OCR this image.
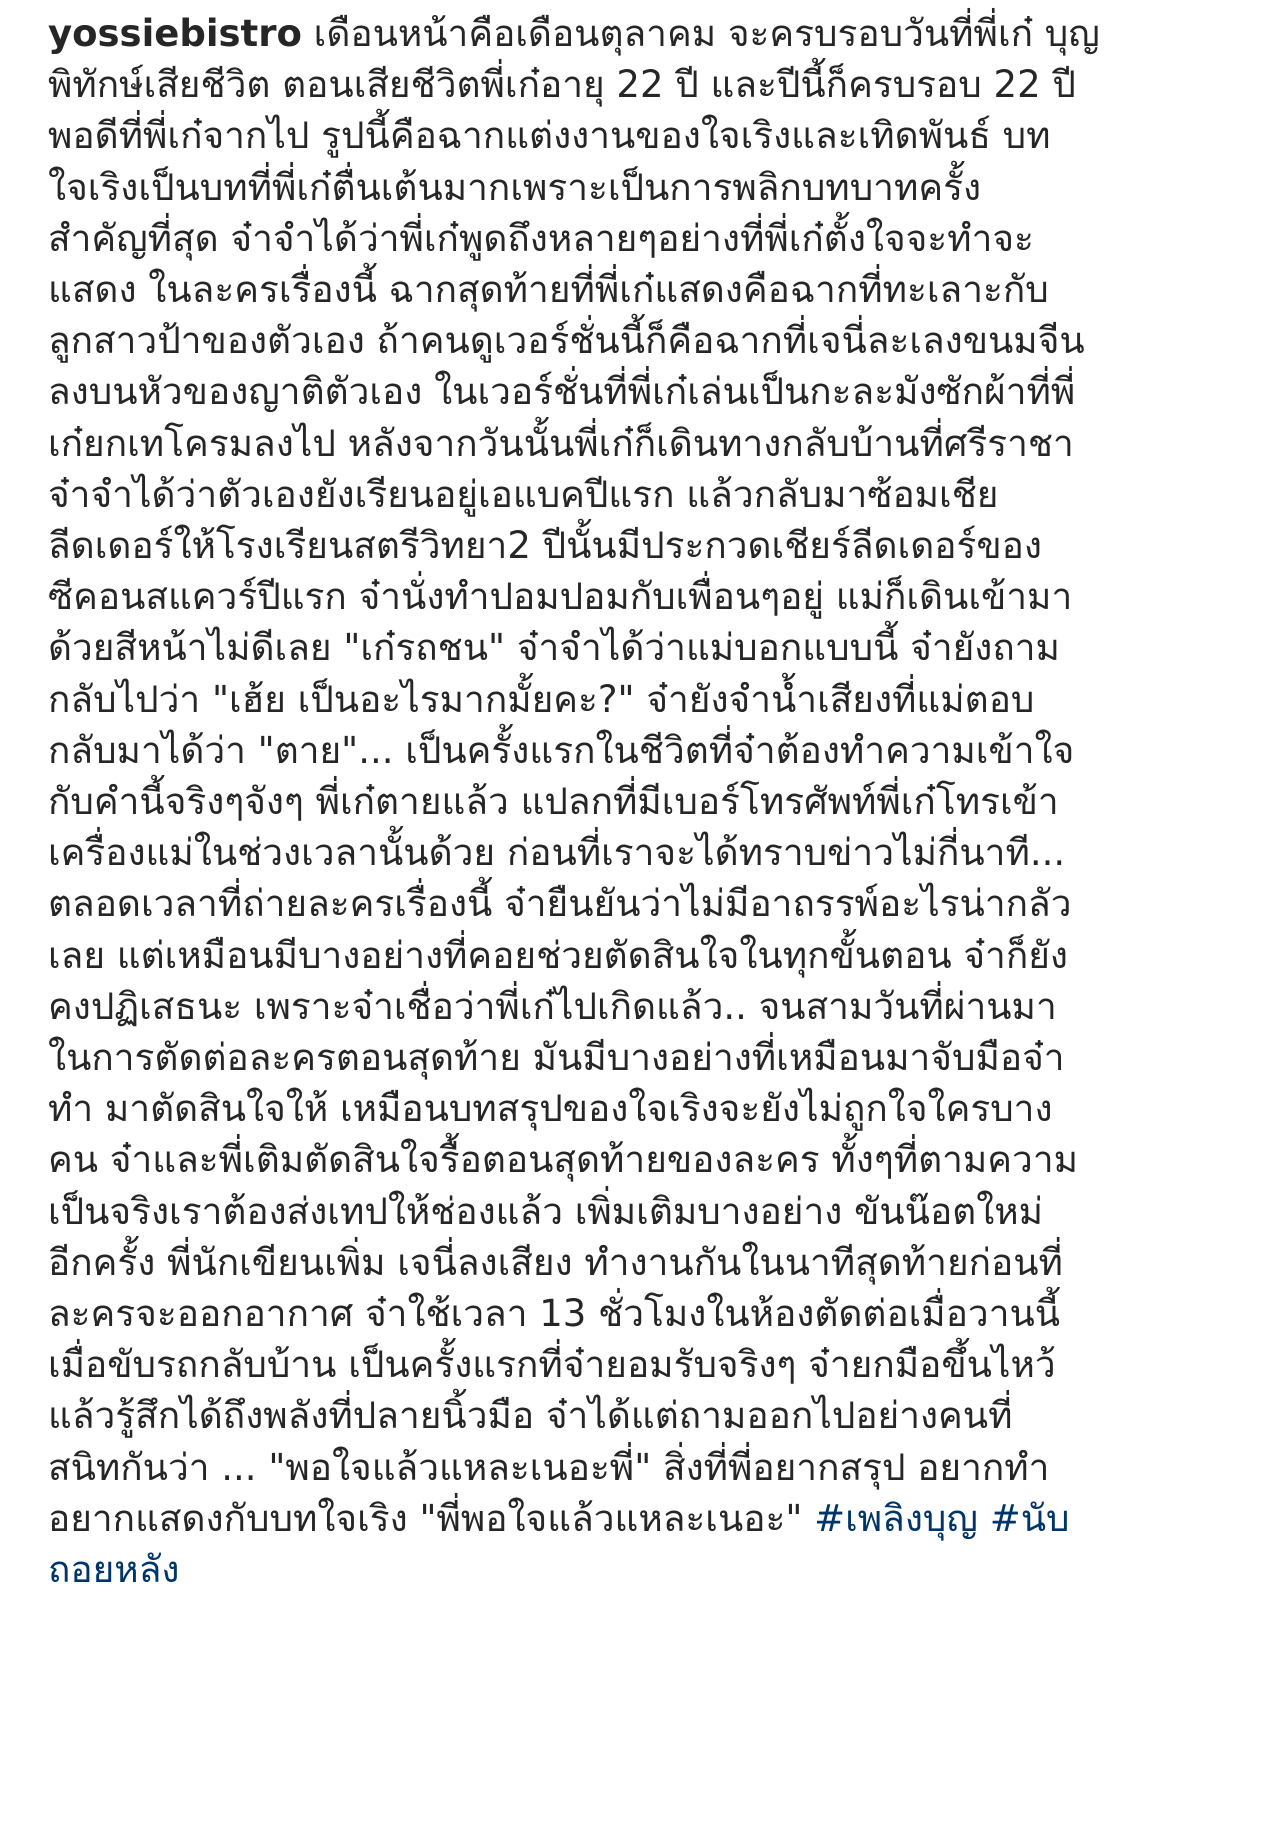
yossiebistro เดือนหน้าคือเดือนตุลาคม จะครบรอบวันที่พี่เก๋ บุญ
พิทักษ์เสียชีวิต ตอนเสียชีวิตพี่เก๋อายุ 22 ปี และปีนี้ก็ครบรอบ 22 ปี
พอดีที่พี่เก๋จากไป รูปนี้คือฉากแต่งงานของใจเริงและเทิดพันธ์ บท
ใจเริงเป็นบทที่พี่เก๋ตื่นเต้นมากเพราะเป็นการพลิกบทบาทครั้ง
สำคัญที่สุด จ๋าจำได้ว่าพี่เก๋พูดถึงหลายๆอย่างที่พี่เก๋ตั้งใจจะทำจะ
แสดง ในละครเรื่องนี้ ฉากสุดท้ายที่พี่เก๋แสดงคือฉากที่ทะเลาะกับ
ลูกสาวป้าของตัวเอง ถ้าคนดูเวอร์ชั่นนี้ก็คือฉากที่เจนี่ละเลงขนมจีน
ลงบนหัวของญาติตัวเอง ในเวอร์ชั่นที่พี่เก๋เล่นเป็นกะละมังซักผ้าที่พี่
เก๋ยกเทโครมลงไป หลังจากวันนั้นพี่เก๋ก็เดินทางกลับบ้านที่ศรีราชา
จ๋าจำได้ว่าตัวเองยังเรียนอยู่เอแบคปีแรก แล้วกลับมาซ้อมเชีย
ลีดเดอร์ให้โรงเรียนสตรีวิทยา2 ปีนั้นมีประกวดเชียร์ลีดเดอร์ของ
ซีคอนสแควร์ปีแรก จ๋านั่งทำปอมปอมกับเพื่อนๆอยู่ แม่ก็เดินเข้ามา
ด้วยสีหน้าไม่ดีเลย "เก๋รถชน" จ๋าจำได้ว่าแม่บอกแบบนี้ จ๋ายังถาม
กลับไปว่า "เฮ้ย เป็นอะไรมากมั้ยคะ?" จ๋ายังจำน้ำเสียงที่แม่ตอบ
กลับมาได้ว่า "ตาย"... เป็นครั้งแรกในชีวิตที่จ๋าต้องทำความเข้าใจ
กับคำนี้จริงๆจังๆ พี่เก๋ตายแล้ว แปลกที่มีเบอร์โทรศัพท์พี่เก๋โทรเข้า
เครื่องแม่ในช่วงเวลานั้นด้วย ก่อนที่เราจะได้ทราบข่าวไม่กี่นาที...
ตลอดเวลาที่ถ่ายละครเรื่องนี้ จ๋ายืนยันว่าไม่มีอาถรรพ์อะไรน่ากลัว
เลย แต่เหมือนมีบางอย่างที่คอยช่วยตัดสินใจในทุกขั้นตอน จ๋าก็ยัง
คงปฏิเสธนะ เพราะจ๋าเชื่อว่าพี่เก๋ไปเกิดแล้ว.. จนสามวันที่ผ่านมา
ในการตัดต่อละครตอนสุดท้าย มันมีบางอย่างที่เหมือนมาจับมือจ๋า
ทำ มาตัดสินใจให้ เหมือนบทสรุปของใจเริงจะยังไม่ถูกใจใครบาง
คน จ๋าและพี่เติมตัดสินใจรื้อตอนสุดท้ายของละคร ทั้งๆที่ตามความ
เป็นจริงเราต้องส่งเทปให้ช่องแล้ว เพิ่มเติมบางอย่าง ขันน๊อตใหม่
อีกครั้ง พี่นักเขียนเพิ่ม เจนี่ลงเสียง ทำงานกันในนาทีสุดท้ายก่อนที่
ละครจะออกอากาศ จ๋าใช้เวลา 13 ชั่วโมงในห้องตัดต่อเมื่อวานนี้
เมื่อขับรถกลับบ้าน เป็นครั้งแรกที่จ๋ายอมรับจริงๆ จ๋ายกมือขึ้นไหว้
แล้วรู้สึกได้ถึงพลังที่ปลายนิ้วมือ จ๋าได้แต่ถามออกไปอย่างคนที่
สนิทกันว่า ... "พอใจแล้วแหละเนอะพี่" สิ่งที่พี่อยากสรุป อยากทำ
อยากแสดงกับบทใจเริง "พี่พอใจแล้วแหละเนอะ" #เพลิงบุญ #นับ
ถอยหลัง
